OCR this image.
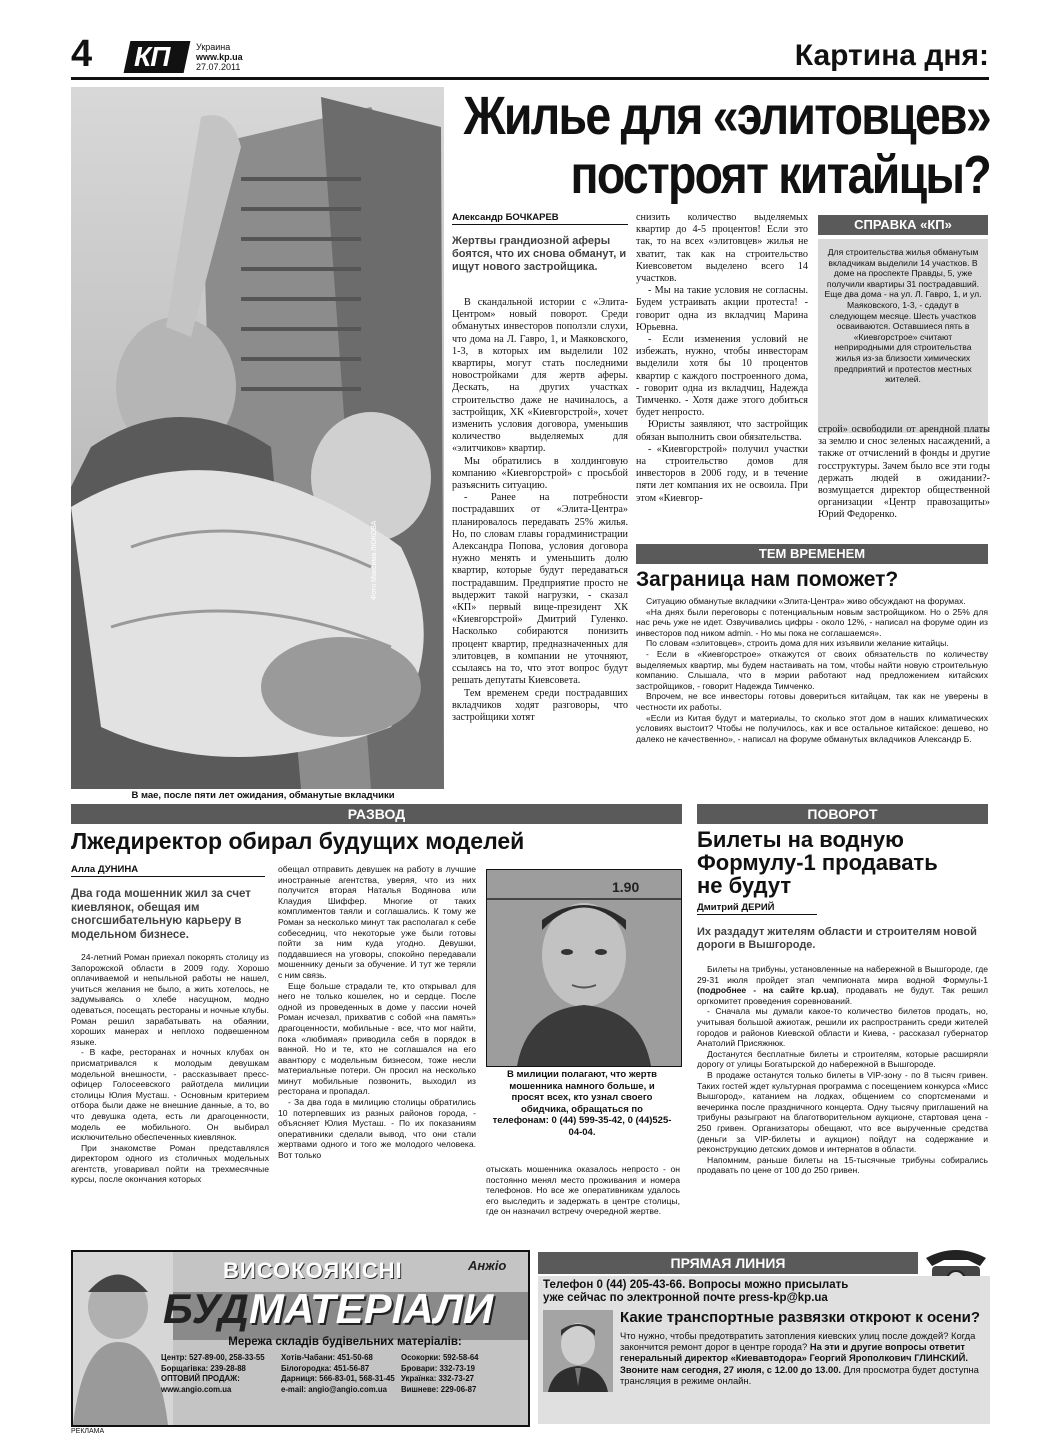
4 КП	Украина
www.kp.ua
27.07.2011	Картина дня:
Фото Максима ЛЮКОВА
В мае, после пяти лет ожидания, обманутые вкладчики
Жилье для «элитовцев»
построят китайцы?
Александр БОЧКАРЕВ
Жертвы грандиозной аферы боятся, что их снова обманут, и ищут нового застройщика.

В скандальной истории с «Элита-Центром» новый поворот. Среди обманутых инвесторов поползли слухи, что дома на Л. Гавро, 1, и Маяковского, 1-3, в которых им выделили 102 квартиры, могут стать последними новостройками для жертв аферы. Дескать, на других участках строительство даже не начиналось, а застройщик, ХК «Киевгорстрой», хочет изменить условия договора, уменьшив количество выделяемых для «элитчиков» квартир.

Мы обратились в холдинговую компанию «Киевгорстрой» с просьбой разъяснить ситуацию.

- Ранее на потребности пострадавших от «Элита-Центра» планировалось передавать 25% жилья. Но, по словам главы горадминистрации Александра Попова, условия договора нужно менять и уменьшить долю квартир, которые будут передаваться пострадавшим. Предприятие просто не выдержит такой нагрузки, - сказал «КП» первый вице-президент ХК «Киевгорстрой» Дмитрий Гуленко. Насколько собираются понизить процент квартир, предназначенных для элитовцев, в компании не уточняют, ссылаясь на то, что этот вопрос будут решать депутаты Киевсовета.

Тем временем среди пострадавших вкладчиков ходят разговоры, что застройщики хотят

снизить количество выделяемых квартир до 4-5 процентов! Если это так, то на всех «элитовцев» жилья не хватит, так как на строительство Киевсоветом выделено всего 14 участков.

- Мы на такие условия не согласны. Будем устраивать акции протеста! - говорит одна из вкладчиц Марина Юрьевна.

- Если изменения условий не избежать, нужно, чтобы инвесторам выделили хотя бы 10 процентов квартир с каждого построенного дома, - говорит одна из вкладчиц, Надежда Тимченко. - Хотя даже этого добиться будет непросто.

Юристы заявляют, что застройщик обязан выполнить свои обязательства.

- «Киевгорстрой» получил участки на строительство домов для инвесторов в 2006 году, и в течение пяти лет компания их не освоила. При этом «Киевгор-

СПРАВКА «КП»
Для строительства жилья обманутым вкладчикам выделили 14 участков. В доме на проспекте Правды, 5, уже получили квартиры 31 пострадавший. Еще два дома - на ул. Л. Гавро, 1, и ул. Маяковского, 1-3, - сдадут в следующем месяце. Шесть участков осваиваются. Оставшиеся пять в «Киевгорстрое» считают неприродными для строительства жилья из-за близости химических предприятий и протестов местных жителей.

строй» освободили от арендной платы за землю и снос зеленых насаждений, а также от отчислений в фонды и другие госструктуры. Зачем было все эти годы держать людей в ожидании?- возмущается директор общественной организации «Центр правозащиты» Юрий Федоренко.

ТЕМ ВРЕМЕНЕМ
Заграница нам поможет?

Ситуацию обманутые вкладчики «Элита-Центра» живо обсуждают на форумах.

«На днях были переговоры с потенциальным новым застройщиком. Но о 25% для нас речь уже не идет. Озвучивались цифры - около 12%, - написал на форуме один из инвесторов под ником admin. - Но мы пока не соглашаемся».

По словам «элитовцев», строить дома для них изъявили желание китайцы.

- Если в «Киевгорстрое» откажутся от своих обязательств по количеству выделяемых квартир, мы будем настаивать на том, чтобы найти новую строительную компанию. Слышала, что в мэрии работают над предложением китайских застройщиков, - говорит Надежда Тимченко.

Впрочем, не все инвесторы готовы довериться китайцам, так как не уверены в честности их работы.

«Если из Китая будут и материалы, то сколько этот дом в наших климатических условиях выстоит? Чтобы не получилось, как и все остальное китайское: дешево, но далеко не качественно», - написал на форуме обманутых вкладчиков Александр Б.

РАЗВОД
Лжедиректор обирал будущих моделей
Алла ДУНИНА
Два года мошенник жил за счет киевлянок, обещая им сногсшибательную карьеру в модельном бизнесе.

24-летний Роман приехал покорять столицу из Запорожской области в 2009 году. Хорошо оплачиваемой и непыльной работы не нашел, учиться желания не было, а жить хотелось, не задумываясь о хлебе насущном, модно одеваться, посещать рестораны и ночные клубы. Роман решил зарабатывать на обаянии, хороших манерах и неплохо подвешенном языке.

- В кафе, ресторанах и ночных клубах он присматривался к молодым девушкам модельной внешности, - рассказывает пресс-офицер Голосеевского райотдела милиции столицы Юлия Мусташ. - Основным критерием отбора были даже не внешние данные, а то, во что девушка одета, есть ли драгоценности, модель ее мобильного. Он выбирал исключительно обеспеченных киевлянок.

При знакомстве Роман представлялся директором одного из столичных модельных агентств, уговаривал пойти на трехмесячные курсы, после окончания которых

обещал отправить девушек на работу в лучшие иностранные агентства, уверяя, что из них получится вторая Наталья Водянова или Клаудия Шиффер. Многие от таких комплиментов таяли и соглашались. К тому же Роман за несколько минут так располагал к себе собеседниц, что некоторые уже были готовы пойти за ним куда угодно. Девушки, поддавшиеся на уговоры, спокойно передавали мошеннику деньги за обучение. И тут же теряли с ним связь.

Еще больше страдали те, кто открывал для него не только кошелек, но и сердце. После одной из проведенных в доме у пассии ночей Роман исчезал, прихватив с собой «на память» драгоценности, мобильные - все, что мог найти, пока «любимая» приводила себя в порядок в ванной. Но и те, кто не соглашался на его авантюру с модельным бизнесом, тоже несли материальные потери. Он просил на несколько минут мобильные позвонить, выходил из ресторана и пропадал.

- За два года в милицию столицы обратились 10 потерпевших из разных районов города, - объясняет Юлия Мусташ. - По их показаниям оперативники сделали вывод, что они стали жертвами одного и того же молодого человека. Вот только

1.90
В милиции полагают, что жертв мошенника намного больше, и просят всех, кто узнал своего обидчика, обращаться по телефонам: 0 (44) 599-35-42, 0 (44)525-04-04.

отыскать мошенника оказалось непросто - он постоянно менял место проживания и номера телефонов. Но все же оперативникам удалось его выследить и задержать в центре столицы, где он назначил встречу очередной жертве.

ПОВОРОТ
Билеты на водную Формулу-1 продавать не будут
Дмитрий ДЕРИЙ
Их раздадут жителям области и строителям новой дороги в Вышгороде.

Билеты на трибуны, установленные на набережной в Вышгороде, где 29-31 июля пройдет этап чемпионата мира водной Формулы-1 (подробнее - на сайте kp.ua), продавать не будут. Так решил оргкомитет проведения соревнований.

- Сначала мы думали какое-то количество билетов продать, но, учитывая большой ажиотаж, решили их распространить среди жителей городов и районов Киевской области и Киева, - рассказал губернатор Анатолий Присяжнюк.

Достанутся бесплатные билеты и строителям, которые расширяли дорогу от улицы Богатырской до набережной в Вышгороде.

В продаже останутся только билеты в VIP-зону - по 8 тысяч гривен. Таких гостей ждет культурная программа с посещением конкурса «Мисс Вышгород», катанием на лодках, общением со спортсменами и вечеринка после праздничного концерта. Одну тысячу приглашений на трибуны разыграют на благотворительном аукционе, стартовая цена - 250 гривен. Организаторы обещают, что все вырученные средства (деньги за VIP-билеты и аукцион) пойдут на содержание и реконструкцию детских домов и интернатов в области.

Напомним, раньше билеты на 15-тысячные трибуны собирались продавать по цене от 100 до 250 гривен.

ВИСОКОЯКІСНІ	Анжіо
БУДМАТЕРІАЛИ
Мережа складів будівельних матеріалів:
Центр: 527-89-00, 258-33-55	Хотів-Чабани: 451-50-68	Осокорки: 592-58-64
Борщагівка: 239-28-88	Білогородка: 451-56-87	Бровари: 332-73-19
ОПТОВИЙ ПРОДАЖ:	Дарниця: 566-83-01, 568-31-45 Українка: 332-73-27
www.angio.com.ua	e-mail: angio@angio.com.ua	Вишневе: 229-06-87
РЕКЛАМА
ПРЯМАЯ ЛИНИЯ
Телефон 0 (44) 205-43-66. Вопросы можно присылать уже сейчас по электронной почте press-kp@kp.ua
Какие транспортные развязки откроют к осени?
Что нужно, чтобы предотвратить затопления киевских улиц после дождей? Когда закончится ремонт дорог в центре города? На эти и другие вопросы ответит генеральный директор «Киевавтодора» Георгий Ярополкович ГЛИНСКИЙ. Звоните нам сегодня, 27 июля, с 12.00 до 13.00. Для просмотра будет доступна трансляция в режиме онлайн.
